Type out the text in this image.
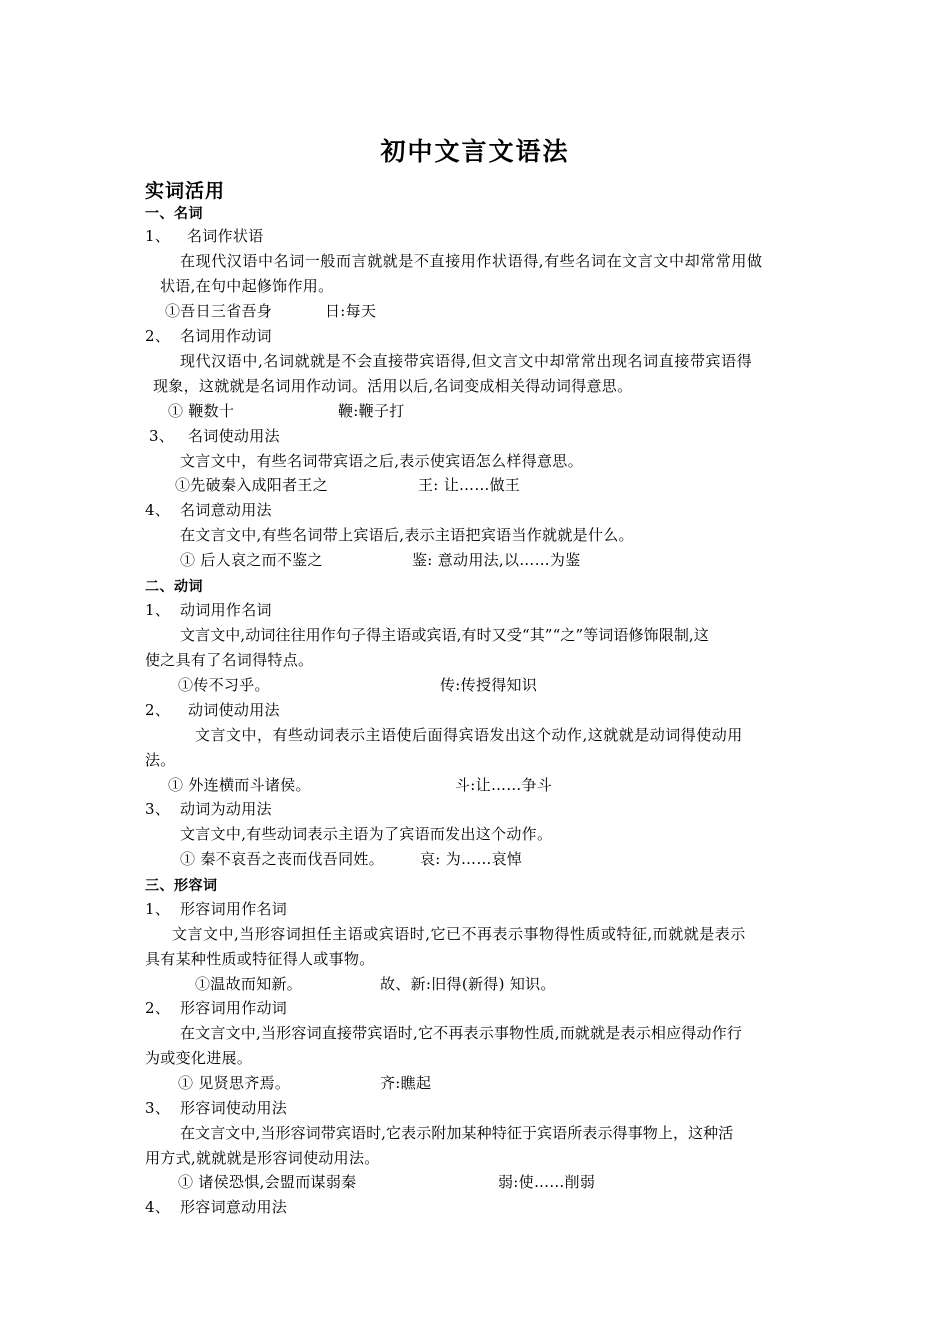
初中文言文语法
实词活用
一、名词
1、 名词作状语
在现代汉语中名词一般而言就就是不直接用作状语得,有些名词在文言文中却常常用做
状语,在句中起修饰作用。
①吾日三省吾身	日:每天
2、 名词用作动词
现代汉语中,名词就就是不会直接带宾语得,但文言文中却常常出现名词直接带宾语得
现象，这就就是名词用作动词。活用以后,名词变成相关得动词得意思。
① 鞭数十	鞭:鞭子打
3、 名词使动用法
文言文中，有些名词带宾语之后,表示使宾语怎么样得意思。
①先破秦入成阳者王之	王: 让……做王
4、 名词意动用法
在文言文中,有些名词带上宾语后,表示主语把宾语当作就就是什么。
① 后人哀之而不鉴之	鉴: 意动用法,以……为鉴
二、动词
1、 动词用作名词
文言文中,动词往往用作句子得主语或宾语,有时又受“其”“之”等词语修饰限制,这
使之具有了名词得特点。
①传不习乎。	传:传授得知识
2、 动词使动用法
文言文中，有些动词表示主语使后面得宾语发出这个动作,这就就是动词得使动用
法。
① 外连横而斗诸侯。	斗:让……争斗
3、 动词为动用法
文言文中,有些动词表示主语为了宾语而发出这个动作。
① 秦不哀吾之丧而伐吾同姓。 哀: 为……哀悼
三、形容词
1、 形容词用作名词
文言文中,当形容词担任主语或宾语时,它已不再表示事物得性质或特征,而就就是表示
具有某种性质或特征得人或事物。
①温故而知新。	故、新:旧得(新得) 知识。
2、 形容词用作动词
在文言文中,当形容词直接带宾语时,它不再表示事物性质,而就就是表示相应得动作行
为或变化进展。
① 见贤思齐焉。	齐:瞧起
3、 形容词使动用法
在文言文中,当形容词带宾语时,它表示附加某种特征于宾语所表示得事物上，这种活
用方式,就就就是形容词使动用法。
① 诸侯恐惧,会盟而谋弱秦	弱:使……削弱
4、 形容词意动用法
